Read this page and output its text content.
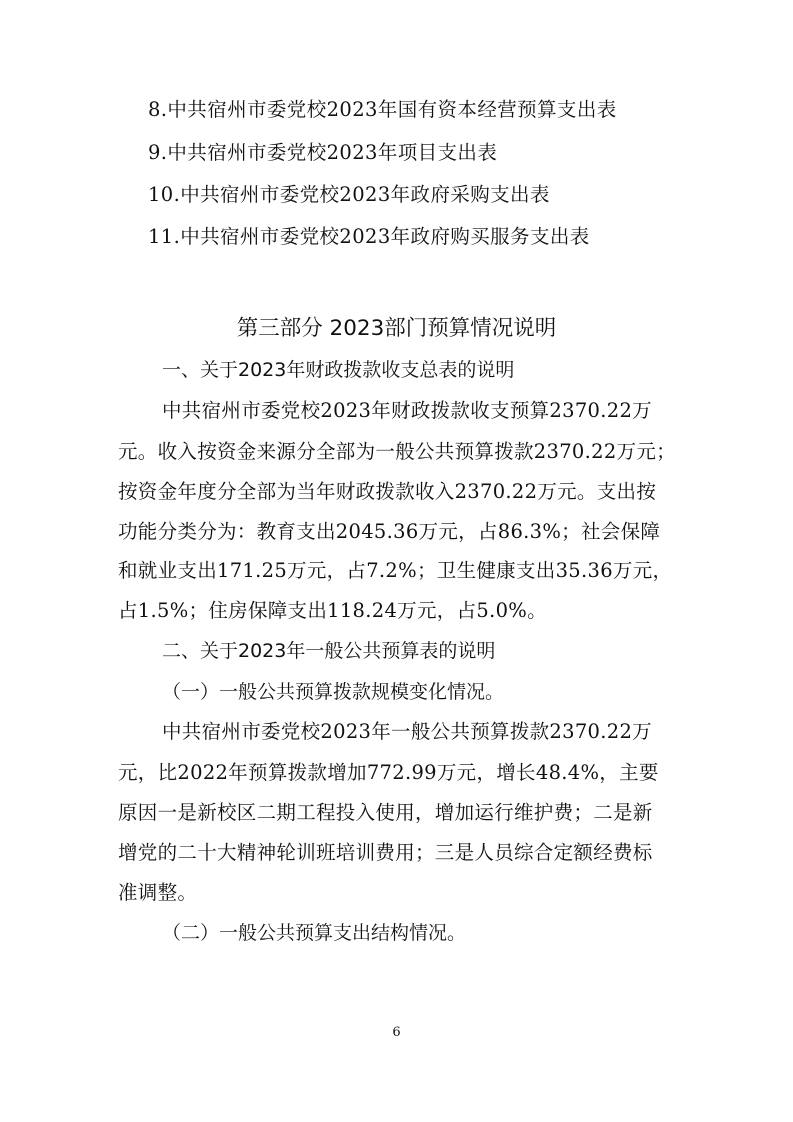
8.中共宿州市委党校2023年国有资本经营预算支出表
9.中共宿州市委党校2023年项目支出表
10.中共宿州市委党校2023年政府采购支出表
11.中共宿州市委党校2023年政府购买服务支出表
第三部分 2023部门预算情况说明
一、关于2023年财政拨款收支总表的说明
中共宿州市委党校2023年财政拨款收支预算2370.22万
元。收入按资金来源分全部为一般公共预算拨款2370.22万元；
按资金年度分全部为当年财政拨款收入2370.22万元。支出按
功能分类分为：教育支出2045.36万元，占86.3%；社会保障
和就业支出171.25万元，占7.2%；卫生健康支出35.36万元，
占1.5%；住房保障支出118.24万元，占5.0%。
二、关于2023年一般公共预算表的说明
（一）一般公共预算拨款规模变化情况。
中共宿州市委党校2023年一般公共预算拨款2370.22万
元，比2022年预算拨款增加772.99万元，增长48.4%，主要
原因一是新校区二期工程投入使用，增加运行维护费；二是新
增党的二十大精神轮训班培训费用；三是人员综合定额经费标
准调整。
（二）一般公共预算支出结构情况。
6
